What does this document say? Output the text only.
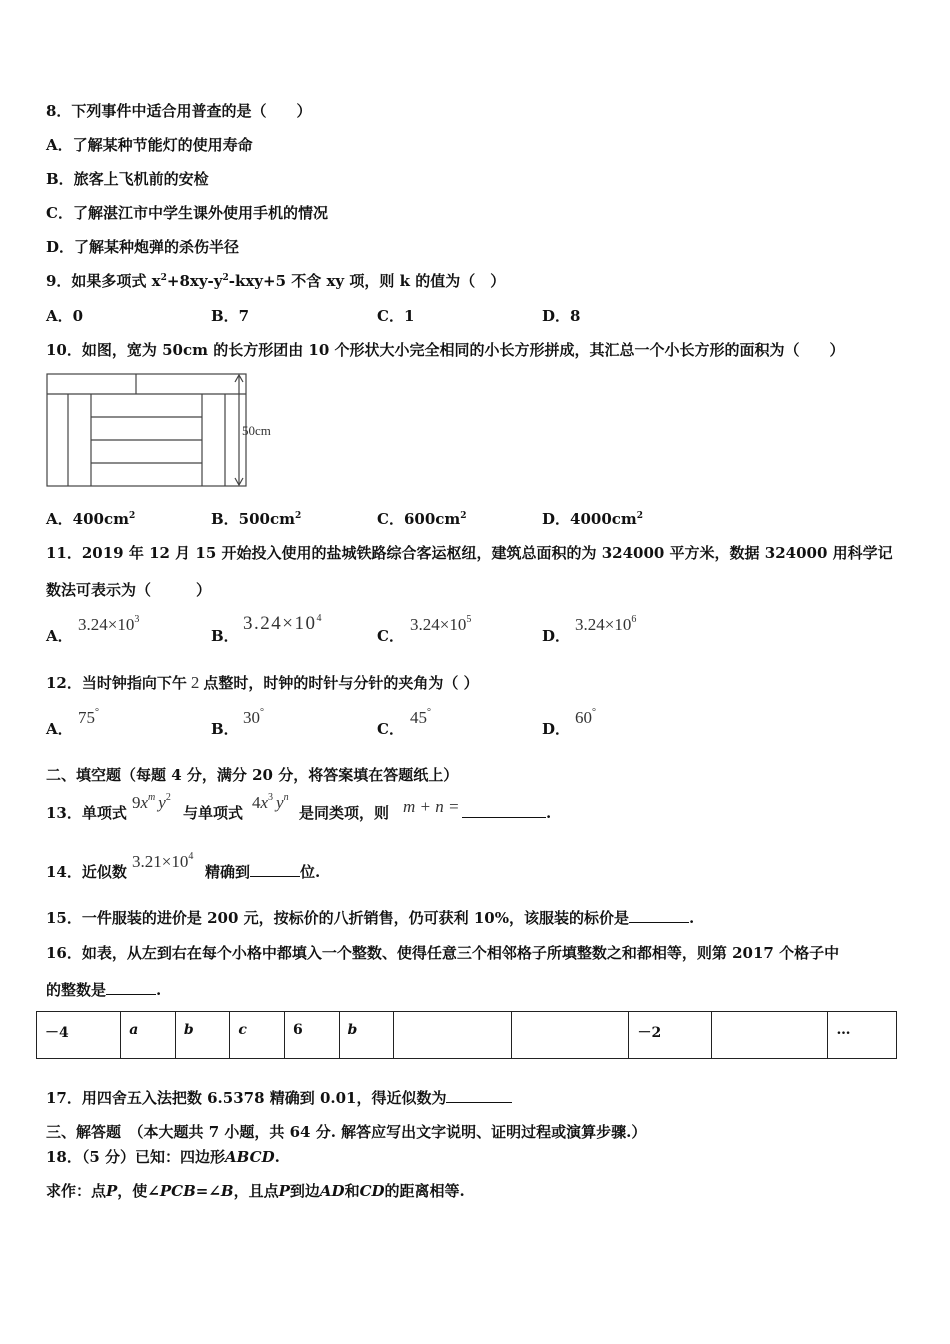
8．下列事件中适合用普查的是（　　）
A．了解某种节能灯的使用寿命
B．旅客上飞机前的安检
C．了解湛江市中学生课外使用手机的情况
D．了解某种炮弹的杀伤半径
9．如果多项式 $x^2+8xy-y^2-kxy+5$ 不含 xy 项，则 k 的值为（　）
A．0	B．7	C．1	D．8
10．如图，宽为 50cm 的长方形团由 10 个形状大小完全相同的小长方形拼成，其汇总一个小长方形的面积为（　　）
50cm
A．$400cm^2$	B．$500cm^2$	C．$600cm^2$	D．$4000cm^2$
11．2019 年 12 月 15 开始投入使用的盐城铁路综合客运枢纽，建筑总面积的为 324000 平方米，数据 324000 用科学记
数法可表示为（　　　）
A．
$3.24\times 10^3$
B．
$3.24\times 10^4$
C．
$3.24\times 10^5$
D．
$3.24\times 10^6$
12．当时钟指向下午 2 点整时，时钟的时针与分针的夹角为（ ）
A．
75°
B．
30°
C．
45°
D．
60°
二、填空题（每题 4 分，满分 20 分，将答案填在答题纸上）
13．单项式
$9x^m$ $y^2$
与单项式
$4x^3$ $y^n$
是同类项，则 m + n =	.
14．近似数
$3.21\times 10^4$
精确到	位.
15．一件服装的进价是 200 元，按标价的八折销售，仍可获利 10%，该服装的标价是	.
16．如表，从左到右在每个小格中都填入一个整数、使得任意三个相邻格子所填整数之和都相等，则第 2017 个格子中
的整数是	.
－4	a	b	c	6	b			－2		…
17．用四舍五入法把数 6.5378 精确到 0.01，得近似数为
三、解答题　（本大题共 7 小题，共 64 分. 解答应写出文字说明、证明过程或演算步骤.）
18．（5 分）已知：四边形ABCD.
求作：点P，使∠PCB=∠B，且点P到边AD和CD的距离相等.
